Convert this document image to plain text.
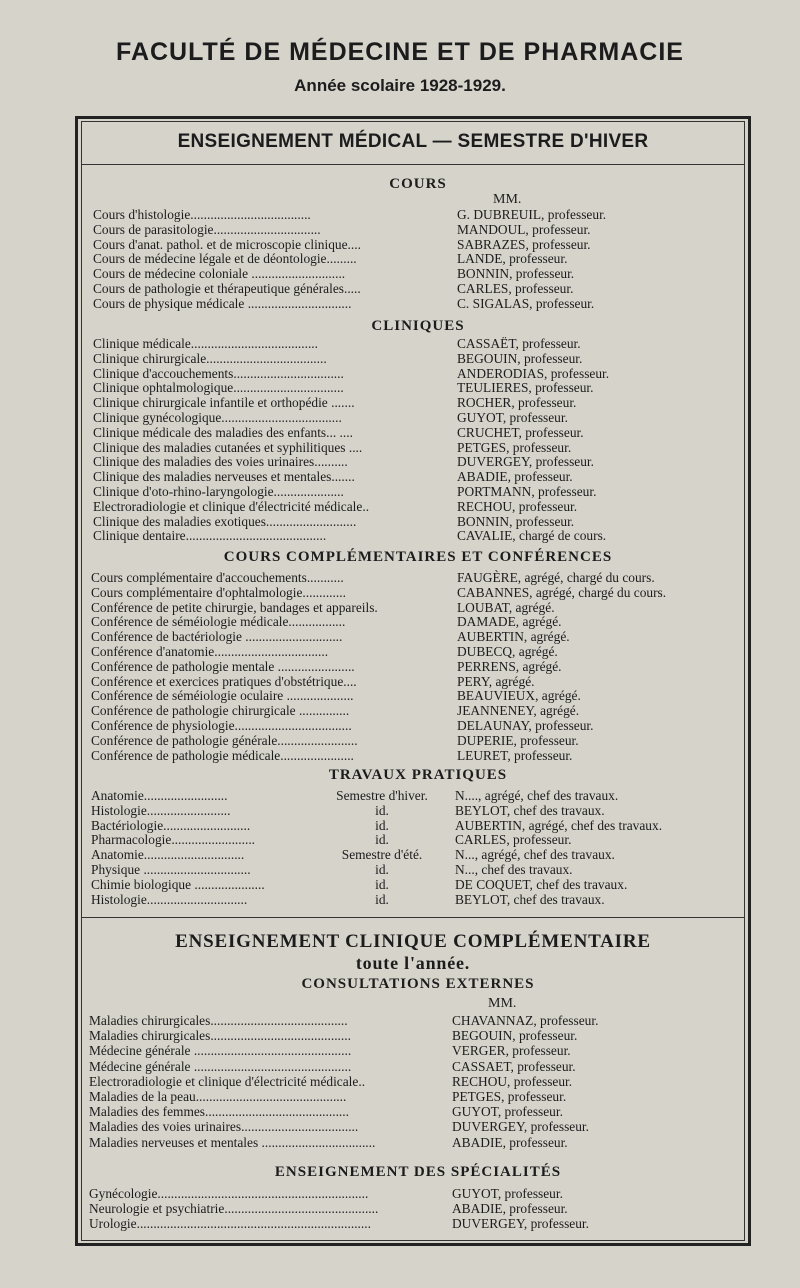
FACULTÉ DE MÉDECINE ET DE PHARMACIE
Année scolaire 1928-1929.
ENSEIGNEMENT MÉDICAL — SEMESTRE D'HIVER
COURS
MM.
Cours d'histologie....................................	G. DUBREUIL, professeur.
Cours de parasitologie................................	MANDOUL, professeur.
Cours d'anat. pathol. et de microscopie clinique....	SABRAZES, professeur.
Cours de médecine légale et de déontologie.........	LANDE, professeur.
Cours de médecine coloniale ............................	BONNIN, professeur.
Cours de pathologie et thérapeutique générales.....	CARLES, professeur.
Cours de physique médicale ...............................	C. SIGALAS, professeur.
CLINIQUES
Clinique médicale......................................	CASSAËT, professeur.
Clinique chirurgicale....................................	BEGOUIN, professeur.
Clinique d'accouchements.................................	ANDERODIAS, professeur.
Clinique ophtalmologique.................................	TEULIERES, professeur.
Clinique chirurgicale infantile et orthopédie .......	ROCHER, professeur.
Clinique gynécologique....................................	GUYOT, professeur.
Clinique médicale des maladies des enfants... ....	CRUCHET, professeur.
Clinique des maladies cutanées et syphilitiques ....	PETGES, professeur.
Clinique des maladies des voies urinaires..........	DUVERGEY, professeur.
Clinique des maladies nerveuses et mentales.......	ABADIE, professeur.
Clinique d'oto-rhino-laryngologie.....................	PORTMANN, professeur.
Electroradiologie et clinique d'électricité médicale..	RECHOU, professeur.
Clinique des maladies exotiques...........................	BONNIN, professeur.
Clinique dentaire..........................................	CAVALIE, chargé de cours.
COURS COMPLÉMENTAIRES ET CONFÉRENCES
Cours complémentaire d'accouchements...........	FAUGÈRE, agrégé, chargé du cours.
Cours complémentaire d'ophtalmologie.............	CABANNES, agrégé, chargé du cours.
Conférence de petite chirurgie, bandages et appareils.	LOUBAT, agrégé.
Conférence de séméiologie médicale.................	DAMADE, agrégé.
Conférence de bactériologie .............................	AUBERTIN, agrégé.
Conférence d'anatomie..................................	DUBECQ, agrégé.
Conférence de pathologie mentale .......................	PERRENS, agrégé.
Conférence et exercices pratiques d'obstétrique....	PERY, agrégé.
Conférence de séméiologie oculaire ....................	BEAUVIEUX, agrégé.
Conférence de pathologie chirurgicale ...............	JEANNENEY, agrégé.
Conférence de physiologie...................................	DELAUNAY, professeur.
Conférence de pathologie générale........................	DUPERIE, professeur.
Conférence de pathologie médicale......................	LEURET, professeur.
TRAVAUX PRATIQUES
Anatomie.........................	Semestre d'hiver.	N...., agrégé, chef des travaux.
Histologie.........................	id.	BEYLOT, chef des travaux.
Bactériologie..........................	id.	AUBERTIN, agrégé, chef des travaux.
Pharmacologie.........................	id.	CARLES, professeur.
Anatomie..............................	Semestre d'été.	N..., agrégé, chef des travaux.
Physique ................................	id.	N..., chef des travaux.
Chimie biologique .....................	id.	DE COQUET, chef des travaux.
Histologie..............................	id.	BEYLOT, chef des travaux.
ENSEIGNEMENT CLINIQUE COMPLÉMENTAIRE
toute l'année.
CONSULTATIONS EXTERNES
MM.
Maladies chirurgicales.........................................	CHAVANNAZ, professeur.
Maladies chirurgicales..........................................	BEGOUIN, professeur.
Médecine générale ...............................................	VERGER, professeur.
Médecine générale ...............................................	CASSAET, professeur.
Electroradiologie et clinique d'électricité médicale..	RECHOU, professeur.
Maladies de la peau.............................................	PETGES, professeur.
Maladies des femmes...........................................	GUYOT, professeur.
Maladies des voies urinaires...................................	DUVERGEY, professeur.
Maladies nerveuses et mentales ..................................	ABADIE, professeur.
ENSEIGNEMENT DES SPÉCIALITÉS
Gynécologie...............................................................	GUYOT, professeur.
Neurologie et psychiatrie..............................................	ABADIE, professeur.
Urologie......................................................................	DUVERGEY, professeur.
